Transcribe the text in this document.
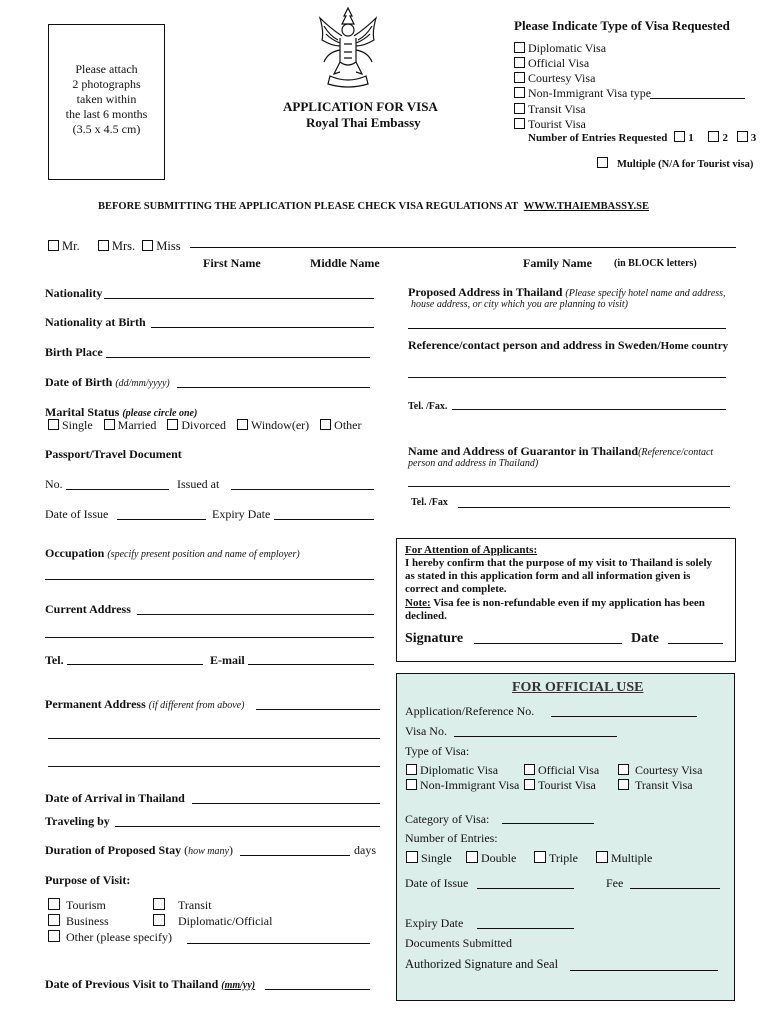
Please attach
2 photographs
taken within
the last 6 months
(3.5 x 4.5 cm)
APPLICATION FOR VISA
Royal Thai Embassy
Please Indicate Type of Visa Requested
Diplomatic Visa
Official Visa
Courtesy Visa
Non-Immigrant Visa type
Transit Visa
Tourist Visa
Number of Entries Requested 1	2 3
Multiple (N/A for Tourist visa)
BEFORE SUBMITTING THE APPLICATION PLEASE CHECK VISA REGULATIONS AT WWW.THAIEMBASSY.SE
Mr.	Mrs. Miss
First Name	Middle Name	Family Name (in BLOCK letters)
Nationality
Nationality at Birth
Birth Place
Date of Birth (dd/mm/yyyy)
Marital Status (please circle one)
Single Married Divorced Window(er) Other
Passport/Travel Document
No.	Issued at
Date of Issue	Expiry Date
Occupation (specify present position and name of employer)
Current Address
Tel.	E-mail
Permanent Address (if different from above)
Date of Arrival in Thailand
Traveling by
Duration of Proposed Stay (how many)	days
Purpose of Visit:
Tourism	Transit
Business	Diplomatic/Official
Other (please specify)
Date of Previous Visit to Thailand (mm/yy)
Proposed Address in Thailand (Please specify hotel name and address,
house address, or city which you are planning to visit)
Reference/contact person and address in Sweden/Home country
Tel. /Fax.
Name and Address of Guarantor in Thailand(Reference/contact
person and address in Thailand)
Tel. /Fax
For Attention of Applicants:
I hereby confirm that the purpose of my visit to Thailand is solely
as stated in this application form and all information given is
correct and complete.
Note: Visa fee is non-refundable even if my application has been
declined.
Signature	Date
FOR OFFICIAL USE
Application/Reference No.
Visa No.
Type of Visa:
Diplomatic Visa	Official Visa	Courtesy Visa
Non-Immigrant Visa	Tourist Visa	Transit Visa
Category of Visa:
Number of Entries:
Single	Double	Triple	Multiple
Date of Issue	Fee
Expiry Date
Documents Submitted
Authorized Signature and Seal
